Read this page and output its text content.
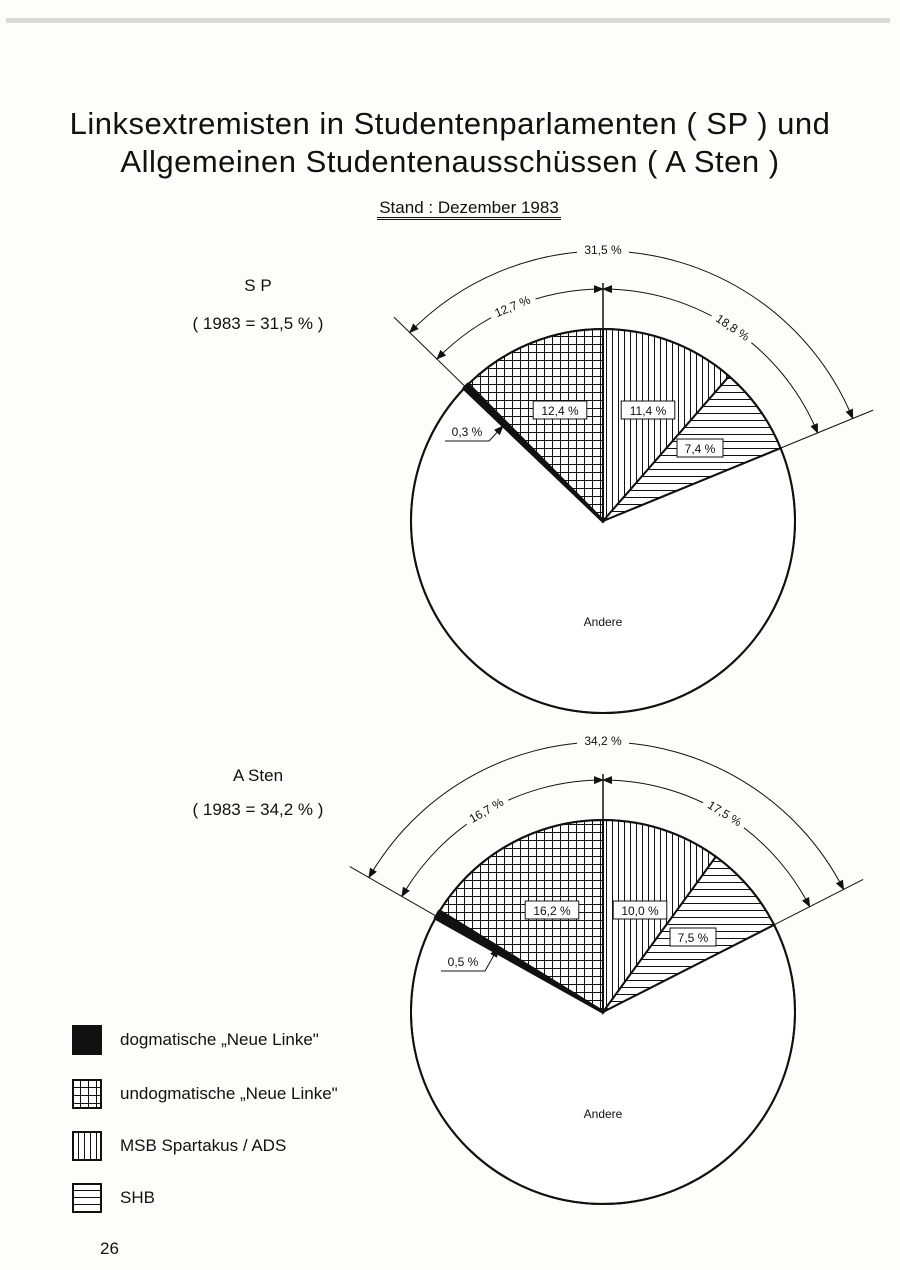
Linksextremisten in Studentenparlamenten ( SP ) und
Allgemeinen Studentenausschüssen ( A Sten )
Stand : Dezember 1983
S P
( 1983 = 31,5 % )
A Sten
( 1983 = 34,2 % )
12,4 %	11,4 %
7,4 %
Andere
0,3 %
12,7 %
18,8 %
31,5 %
16,2 %	10,0 %
7,5 %
Andere
0,5 %
16,7 %	17,5 %
34,2 %
dogmatische „Neue Linke"
undogmatische „Neue Linke"
MSB Spartakus / ADS
SHB
26
